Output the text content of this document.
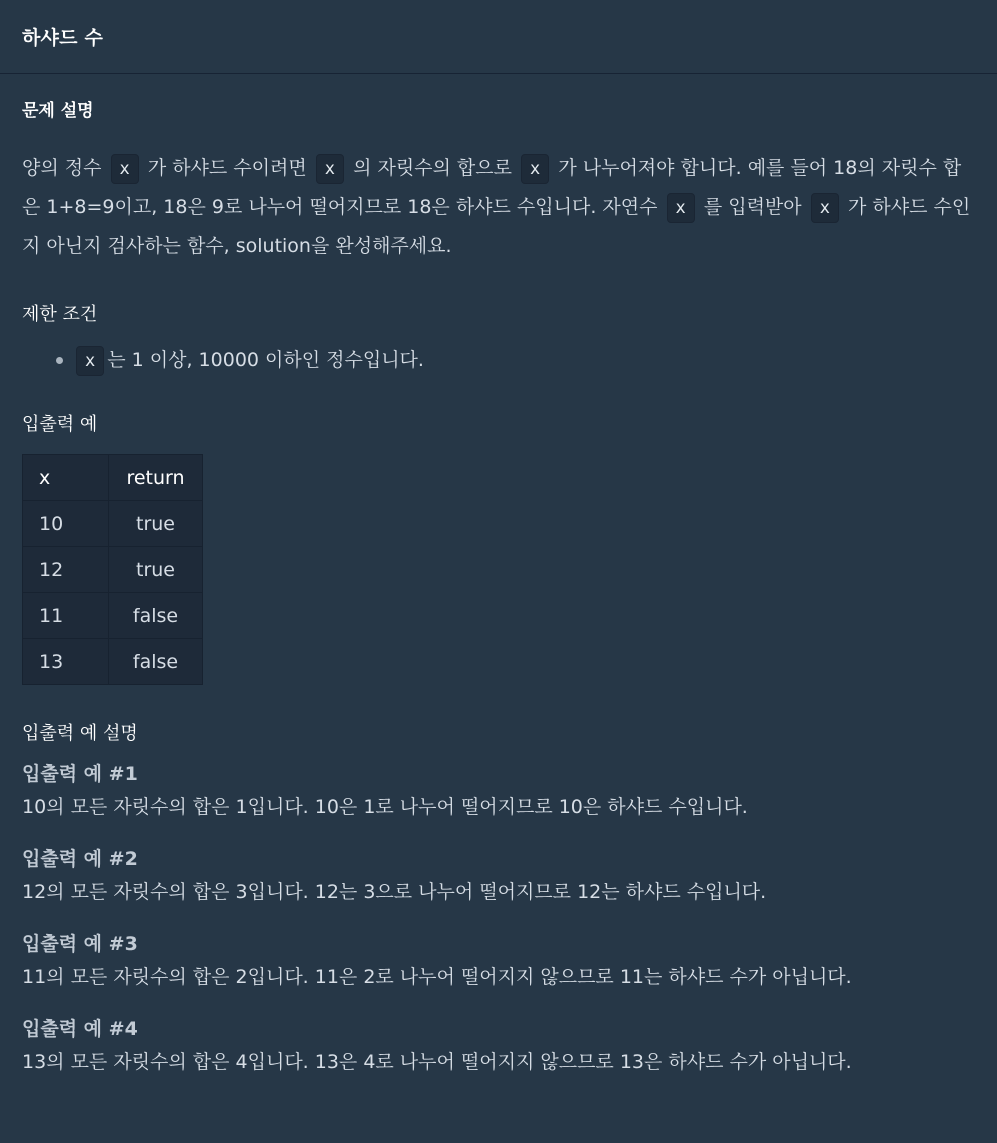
하샤드 수
문제 설명

양의 정수 x 가 하샤드 수이려면 x 의 자릿수의 합으로 x 가 나누어져야 합니다. 예를 들어 18의 자릿수 합은 1+8=9이고, 18은 9로 나누어 떨어지므로 18은 하샤드 수입니다. 자연수 x 를 입력받아 x 가 하샤드 수인지 아닌지 검사하는 함수, solution을 완성해주세요.

제한 조건
x 는 1 이상, 10000 이하인 정수입니다.
입출력 예
x	return
10	true
12	true
11	false
13	false
입출력 예 설명
입출력 예 #1

10의 모든 자릿수의 합은 1입니다. 10은 1로 나누어 떨어지므로 10은 하샤드 수입니다.

입출력 예 #2

12의 모든 자릿수의 합은 3입니다. 12는 3으로 나누어 떨어지므로 12는 하샤드 수입니다.

입출력 예 #3

11의 모든 자릿수의 합은 2입니다. 11은 2로 나누어 떨어지지 않으므로 11는 하샤드 수가 아닙니다.

입출력 예 #4

13의 모든 자릿수의 합은 4입니다. 13은 4로 나누어 떨어지지 않으므로 13은 하샤드 수가 아닙니다.
